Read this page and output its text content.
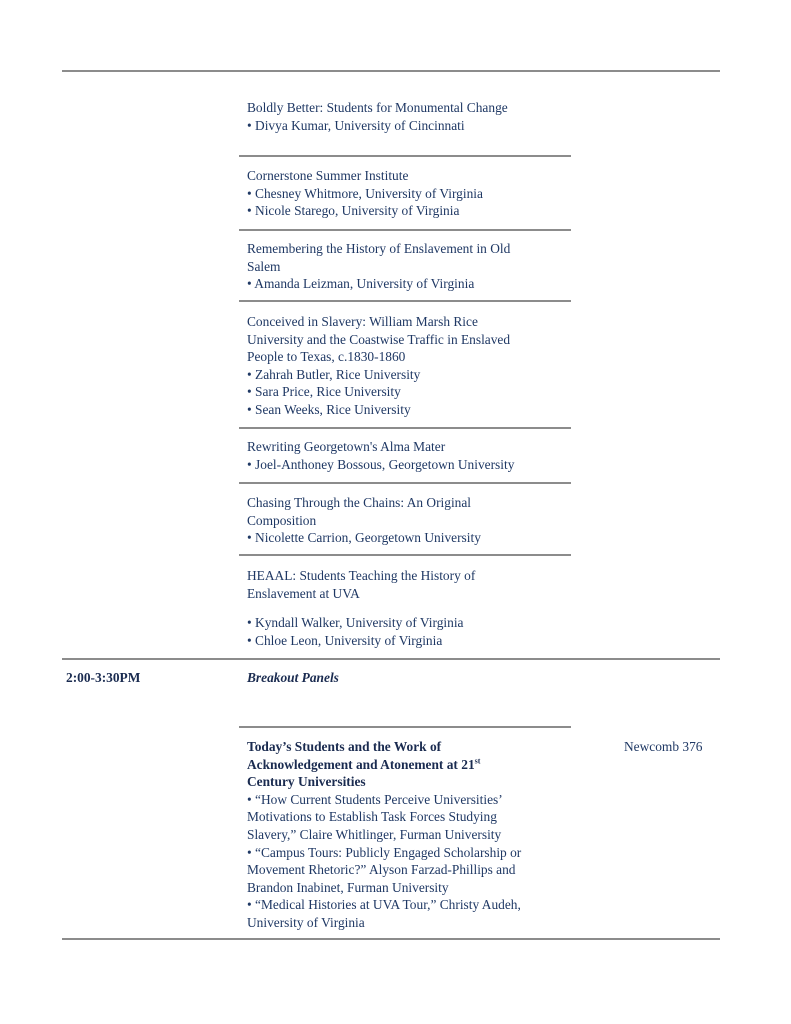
Boldly Better: Students for Monumental Change
• Divya Kumar, University of Cincinnati
Cornerstone Summer Institute
• Chesney Whitmore, University of Virginia
• Nicole Starego, University of Virginia
Remembering the History of Enslavement in Old
Salem
• Amanda Leizman, University of Virginia
Conceived in Slavery: William Marsh Rice
University and the Coastwise Traffic in Enslaved
People to Texas, c.1830-1860
• Zahrah Butler, Rice University
• Sara Price, Rice University
• Sean Weeks, Rice University
Rewriting Georgetown's Alma Mater
• Joel-Anthoney Bossous, Georgetown University
Chasing Through the Chains: An Original
Composition
• Nicolette Carrion, Georgetown University
HEAAL: Students Teaching the History of
Enslavement at UVA
• Kyndall Walker, University of Virginia
• Chloe Leon, University of Virginia
2:00-3:30PM	Breakout Panels
Newcomb 376
Today’s Students and the Work of
Acknowledgement and Atonement at 21st
Century Universities
• “How Current Students Perceive Universities’
Motivations to Establish Task Forces Studying
Slavery,” Claire Whitlinger, Furman University
• “Campus Tours: Publicly Engaged Scholarship or
Movement Rhetoric?” Alyson Farzad-Phillips and
Brandon Inabinet, Furman University
• “Medical Histories at UVA Tour,” Christy Audeh,
University of Virginia
